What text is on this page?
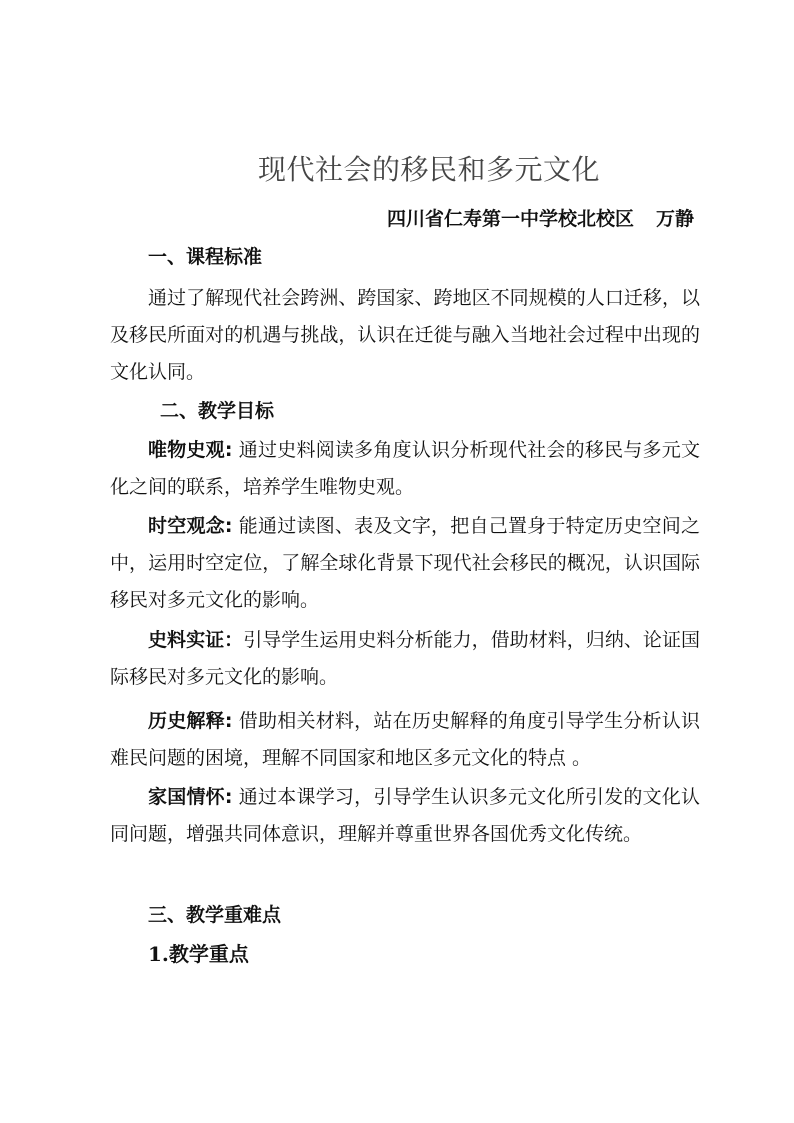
现代社会的移民和多元文化
四川省仁寿第一中学校北校区 万静
一、课程标准
通过了解现代社会跨洲、跨国家、跨地区不同规模的人口迁移，以及移民所面对的机遇与挑战，认识在迁徙与融入当地社会过程中出现的文化认同。
二、教学目标
唯物史观: 通过史料阅读多角度认识分析现代社会的移民与多元文化之间的联系，培养学生唯物史观。
时空观念: 能通过读图、表及文字，把自己置身于特定历史空间之中，运用时空定位，了解全球化背景下现代社会移民的概况，认识国际移民对多元文化的影响。
史料实证：引导学生运用史料分析能力，借助材料，归纳、论证国际移民对多元文化的影响。
历史解释: 借助相关材料，站在历史解释的角度引导学生分析认识难民问题的困境，理解不同国家和地区多元文化的特点 。
家国情怀: 通过本课学习，引导学生认识多元文化所引发的文化认同问题，增强共同体意识，理解并尊重世界各国优秀文化传统。
三、教学重难点
1.教学重点
